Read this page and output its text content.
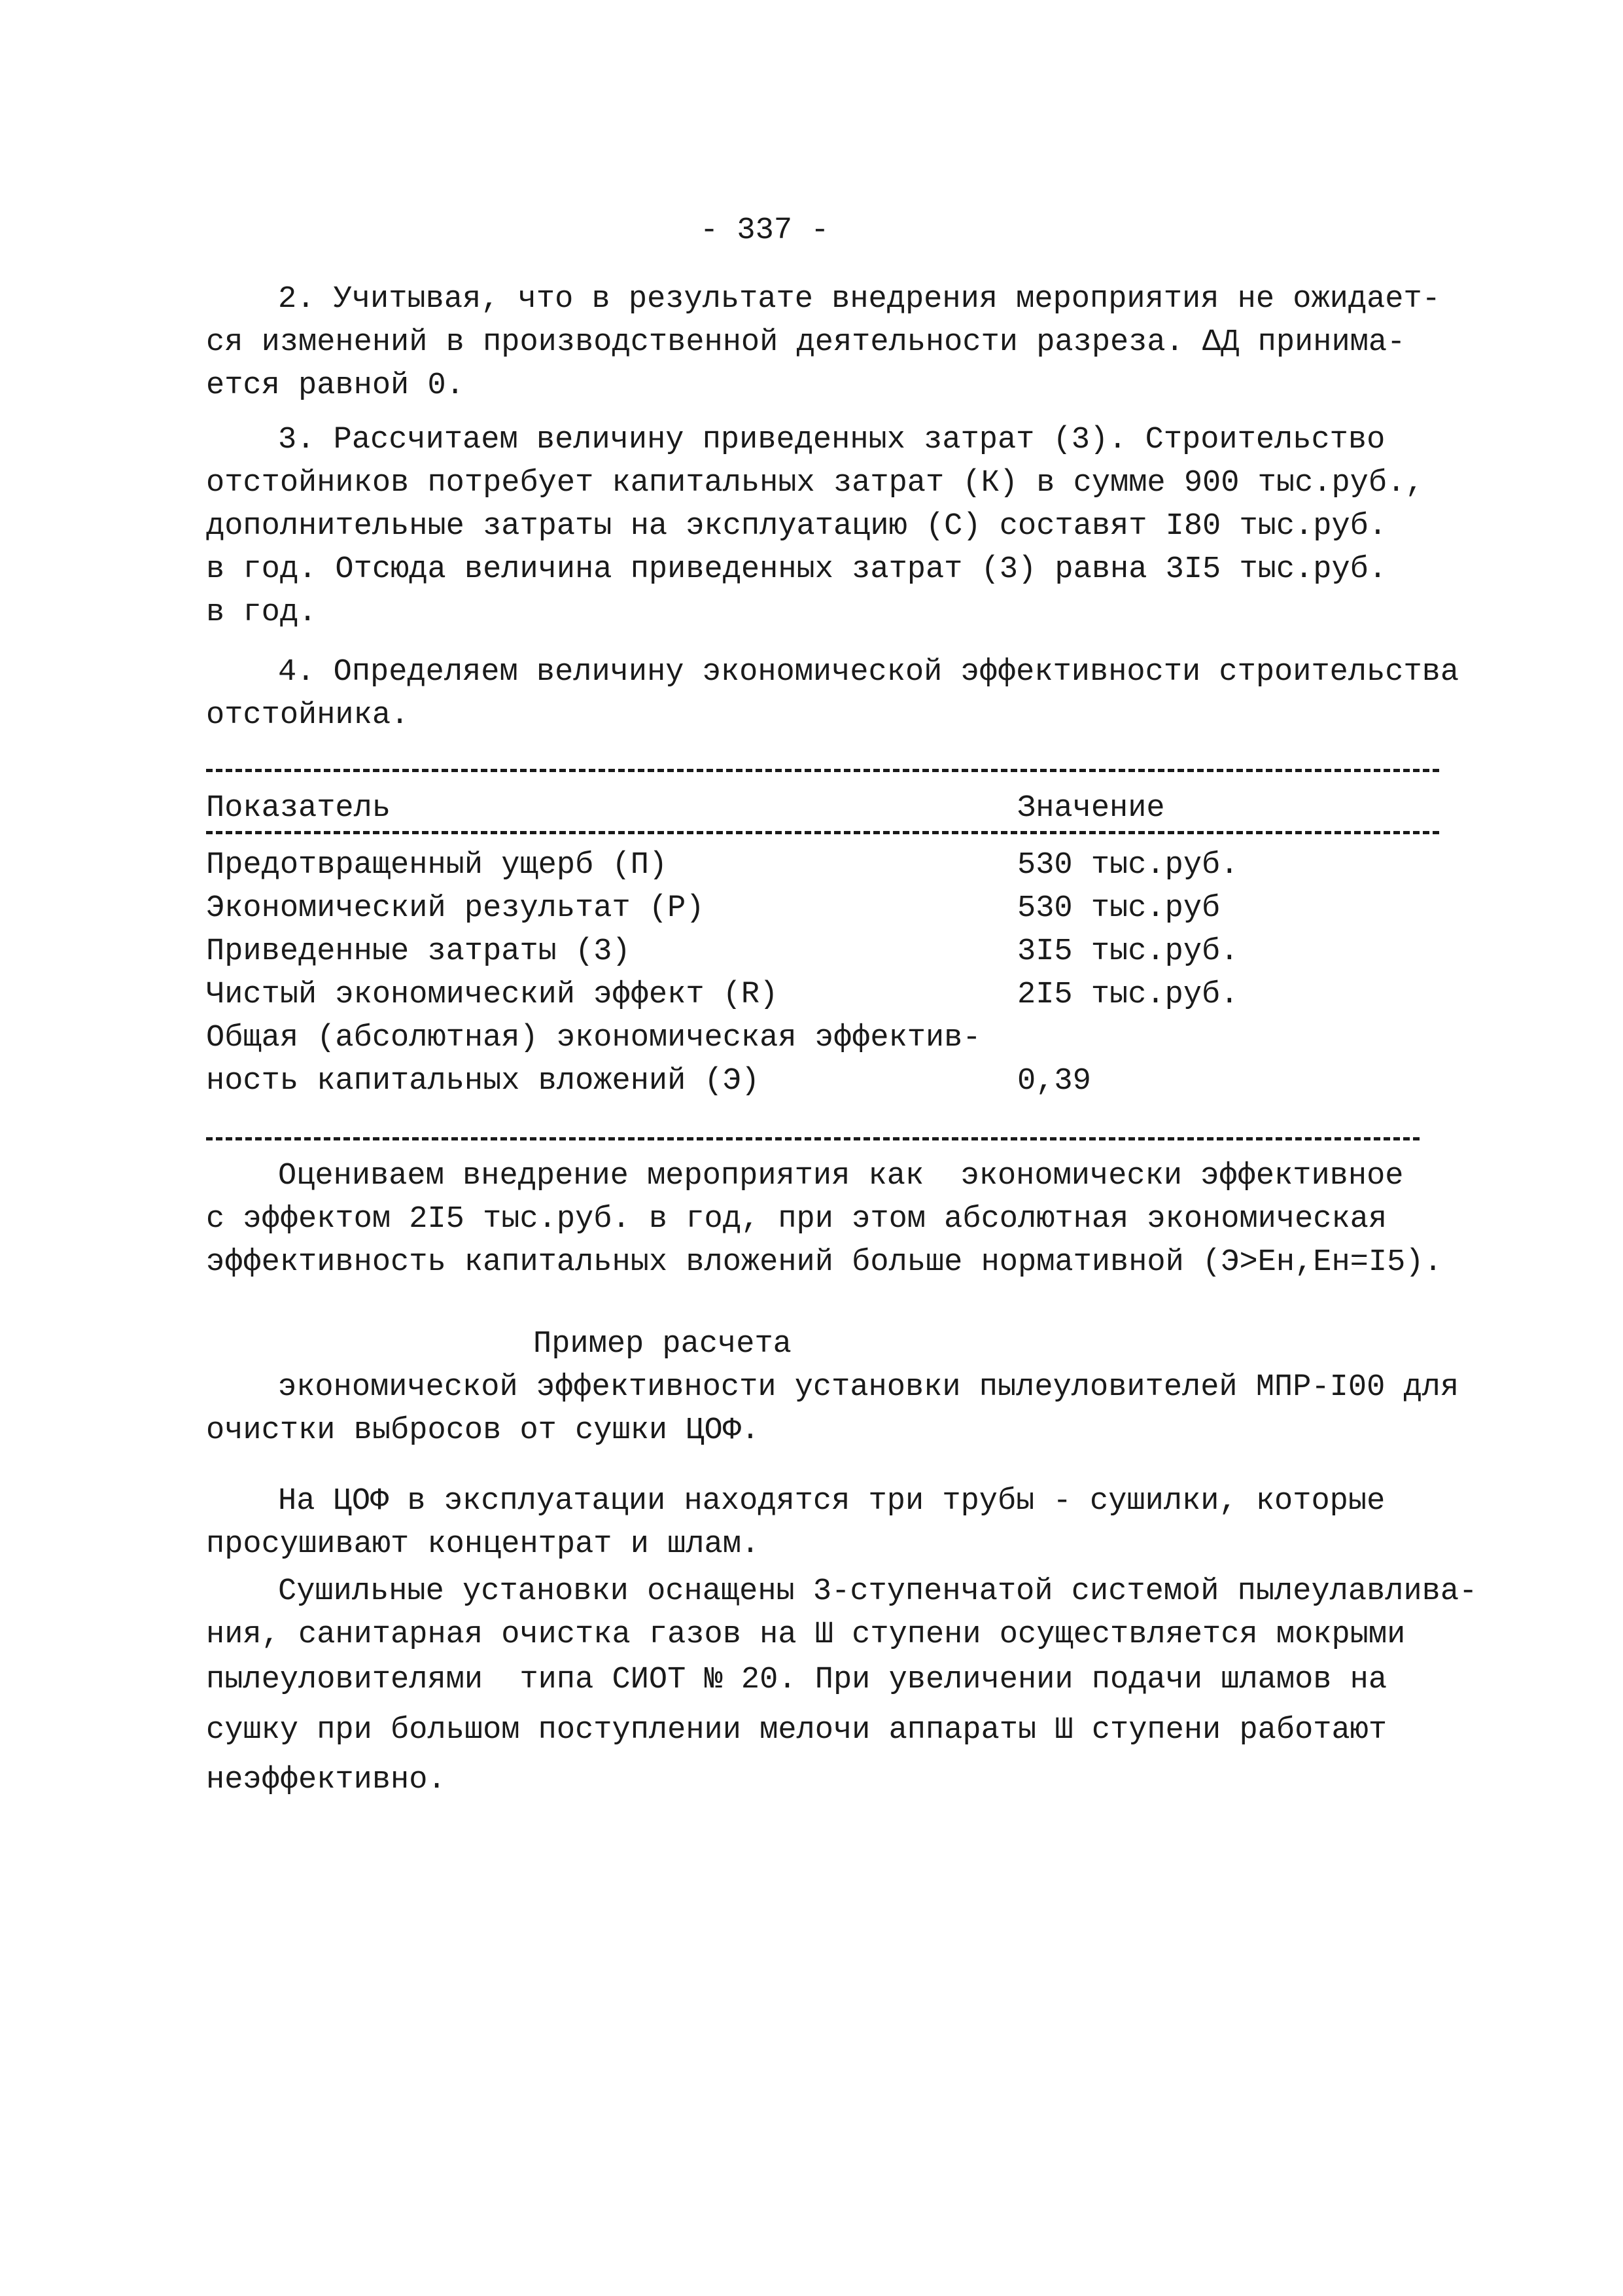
- 337 -
2. Учитывая, что в результате внедрения мероприятия не ожидает-
ся изменений в производственной деятельности разреза. ΔД принима-
ется равной 0.
3. Рассчитаем величину приведенных затрат (3). Строительство
отстойников потребует капитальных затрат (К) в сумме 900 тыс.руб.,
дополнительные затраты на эксплуатацию (С) составят I80 тыс.руб.
в год. Отсюда величина приведенных затрат (3) равна 3I5 тыс.руб.
в год.
4. Определяем величину экономической эффективности строительства
отстойника.
Показатель	Значение
Предотвращенный ущерб (П)	530 тыс.руб.
Экономический результат (Р)	530 тыс.руб
Приведенные затраты (3)	3I5 тыс.руб.
Чистый экономический эффект (R)	2I5 тыс.руб.
Общая (абсолютная) экономическая эффектив-
ность капитальных вложений (Э)	0,39
Оцениваем внедрение мероприятия как  экономически эффективное
с эффектом 2I5 тыс.руб. в год, при этом абсолютная экономическая
эффективность капитальных вложений больше нормативной (Э>Eн,Eн=I5).
Пример расчета
экономической эффективности установки пылеуловителей МПР-I00 для
очистки выбросов от сушки ЦОФ.
На ЦОФ в эксплуатации находятся три трубы - сушилки, которые
просушивают концентрат и шлам.
Сушильные установки оснащены 3-ступенчатой системой пылеулавлива-
ния, санитарная очистка газов на Ш ступени осуществляется мокрыми
пылеуловителями  типа СИОТ № 20. При увеличении подачи шламов на
сушку при большом поступлении мелочи аппараты Ш ступени работают
неэффективно.
